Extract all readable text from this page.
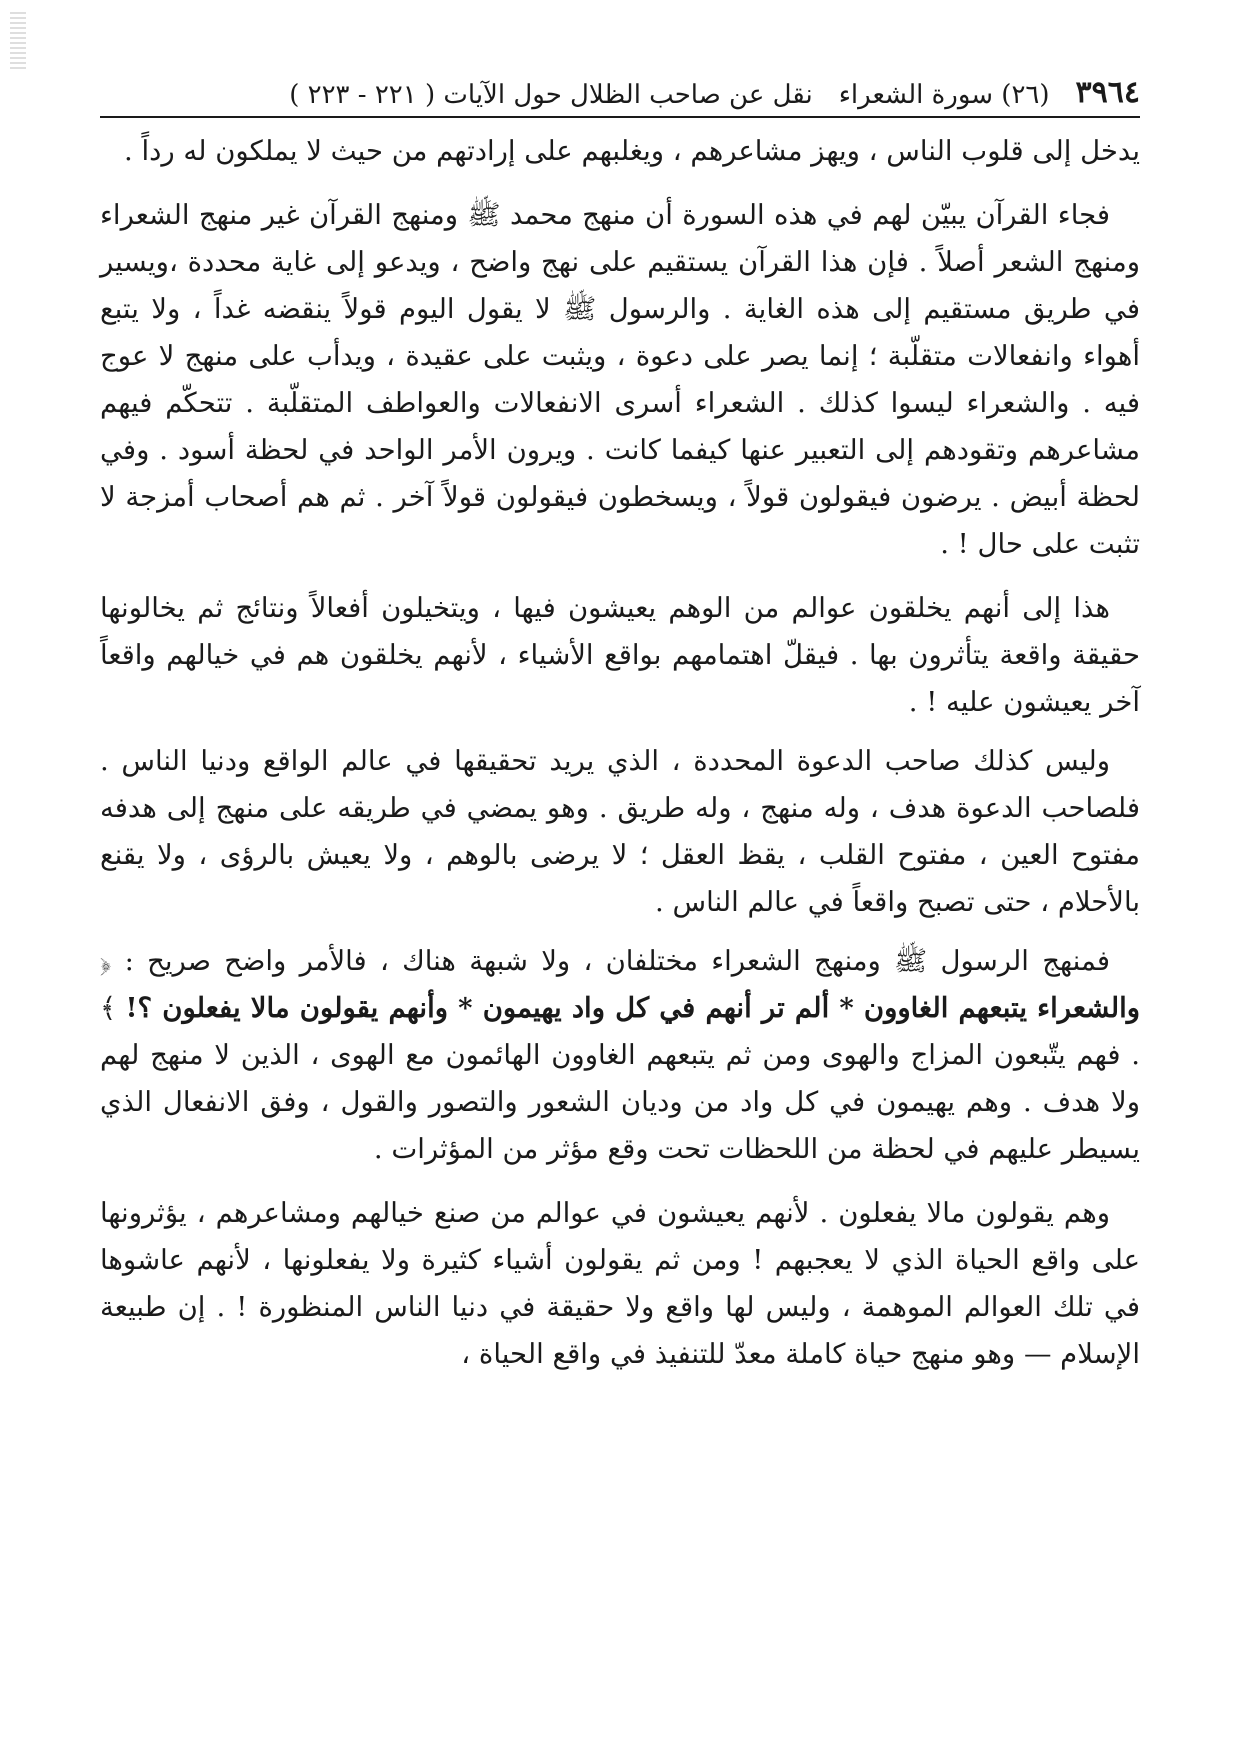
٣٩٦٤
(٢٦) سورة الشعراء
نقل عن صاحب الظلال حول الآيات ( ٢٢١ - ٢٢٣ )

يدخل إلى قلوب الناس ، ويهز مشاعرهم ، ويغلبهم على إرادتهم من حيث لا يملكون له رداً .

فجاء القرآن يبيّن لهم في هذه السورة أن منهج محمد ﷺ ومنهج القرآن غير منهج الشعراء ومنهج الشعر أصلاً . فإن هذا القرآن يستقيم على نهج واضح ، ويدعو إلى غاية محددة ،ويسير في طريق مستقيم إلى هذه الغاية . والرسول ﷺ لا يقول اليوم قولاً ينقضه غداً ، ولا يتبع أهواء وانفعالات متقلّبة ؛ إنما يصر على دعوة ، ويثبت على عقيدة ، ويدأب على منهج لا عوج فيه . والشعراء ليسوا كذلك . الشعراء أسرى الانفعالات والعواطف المتقلّبة . تتحكّم فيهم مشاعرهم وتقودهم إلى التعبير عنها كيفما كانت . ويرون الأمر الواحد في لحظة أسود . وفي لحظة أبيض . يرضون فيقولون قولاً ، ويسخطون فيقولون قولاً آخر . ثم هم أصحاب أمزجة لا تثبت على حال ! .

هذا إلى أنهم يخلقون عوالم من الوهم يعيشون فيها ، ويتخيلون أفعالاً ونتائج ثم يخالونها حقيقة واقعة يتأثرون بها . فيقلّ اهتمامهم بواقع الأشياء ، لأنهم يخلقون هم في خيالهم واقعاً آخر يعيشون عليه ! .

وليس كذلك صاحب الدعوة المحددة ، الذي يريد تحقيقها في عالم الواقع ودنيا الناس . فلصاحب الدعوة هدف ، وله منهج ، وله طريق . وهو يمضي في طريقه على منهج إلى هدفه مفتوح العين ، مفتوح القلب ، يقظ العقل ؛ لا يرضى بالوهم ، ولا يعيش بالرؤى ، ولا يقنع بالأحلام ، حتى تصبح واقعاً في عالم الناس .

فمنهج الرسول ﷺ ومنهج الشعراء مختلفان ، ولا شبهة هناك ، فالأمر واضح صريح : ﴿ والشعراء يتبعهم الغاوون * ألم تر أنهم في كل واد يهيمون * وأنهم يقولون مالا يفعلون ؟! ﴾ . فهم يتّبعون المزاج والهوى ومن ثم يتبعهم الغاوون الهائمون مع الهوى ، الذين لا منهج لهم ولا هدف . وهم يهيمون في كل واد من وديان الشعور والتصور والقول ، وفق الانفعال الذي يسيطر عليهم في لحظة من اللحظات تحت وقع مؤثر من المؤثرات .

وهم يقولون مالا يفعلون . لأنهم يعيشون في عوالم من صنع خيالهم ومشاعرهم ، يؤثرونها على واقع الحياة الذي لا يعجبهم ! ومن ثم يقولون أشياء كثيرة ولا يفعلونها ، لأنهم عاشوها في تلك العوالم الموهمة ، وليس لها واقع ولا حقيقة في دنيا الناس المنظورة ! . إن طبيعة الإسلام — وهو منهج حياة كاملة معدّ للتنفيذ في واقع الحياة ،
